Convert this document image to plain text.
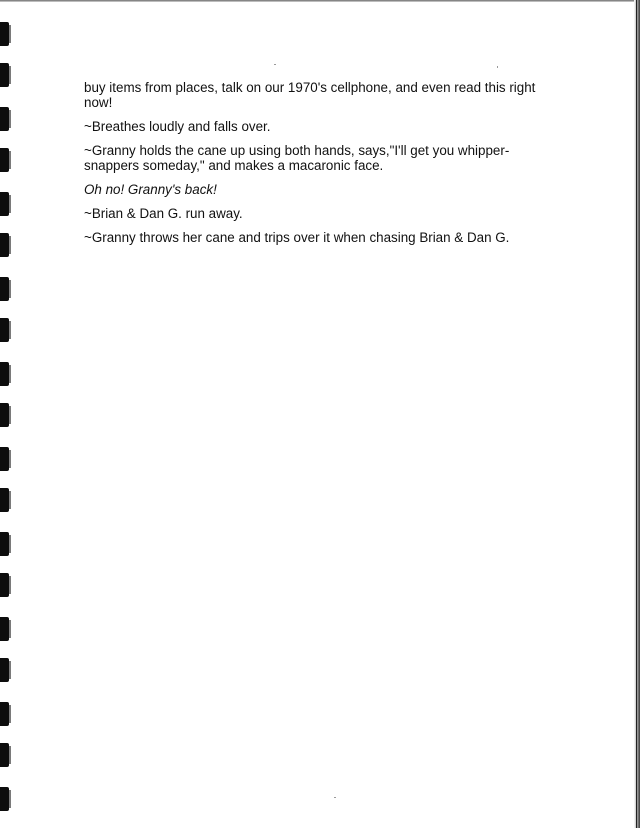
buy items from places, talk on our 1970's cellphone, and even read this right now!

~Breathes loudly and falls over.

~Granny holds the cane up using both hands, says,"I'll get you whipper-snappers someday," and makes a macaronic face.

Oh no! Granny's back!

~Brian & Dan G. run away.

~Granny throws her cane and trips over it when chasing Brian & Dan G.
